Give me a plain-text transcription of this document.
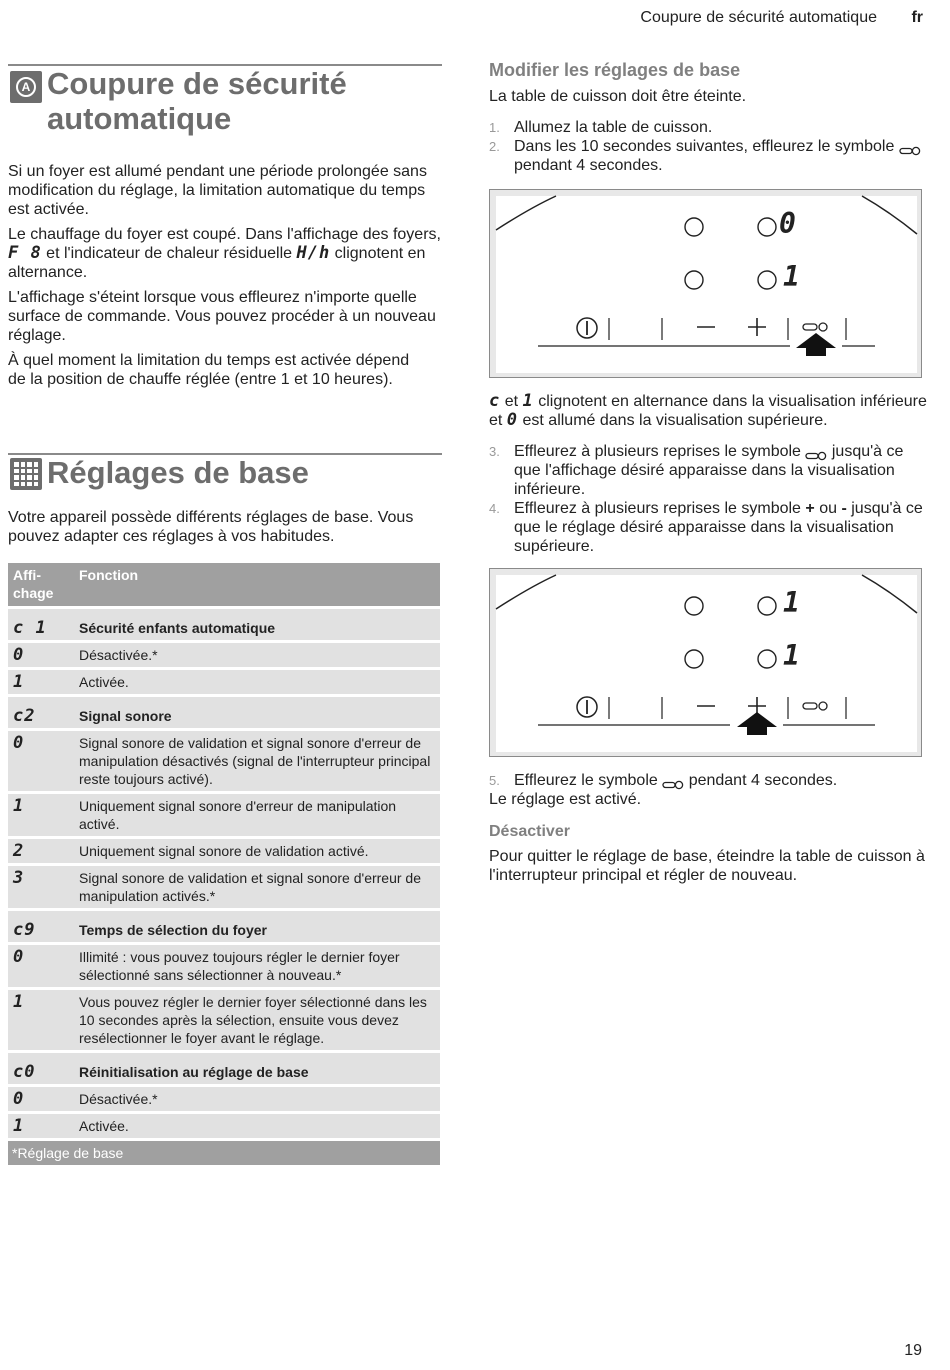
Coupure de sécurité automatique fr
A Coupure de sécurité automatique

Si un foyer est allumé pendant une période prolongée sans modification du réglage, la limitation automatique du temps est activée.

Le chauffage du foyer est coupé. Dans l'affichage des foyers, F 8 et l'indicateur de chaleur résiduelle H/h clignotent en alternance.

L'affichage s'éteint lorsque vous effleurez n'importe quelle surface de commande. Vous pouvez procéder à un nouveau réglage.

À quel moment la limitation du temps est activée dépend de la position de chauffe réglée (entre 1 et 10 heures).

Réglages de base

Votre appareil possède différents réglages de base. Vous pouvez adapter ces réglages à vos habitudes.

Affi-
chage	Fonction
c 1	Sécurité enfants automatique
0	Désactivée.*
1	Activée.
c2	Signal sonore
0	Signal sonore de validation et signal sonore d'erreur de manipulation désactivés (signal de l'interrupteur principal reste toujours activé).
1	Uniquement signal sonore d'erreur de manipulation activé.
2	Uniquement signal sonore de validation activé.
3	Signal sonore de validation et signal sonore d'erreur de manipulation activés.*
c9	Temps de sélection du foyer
0	Illimité : vous pouvez toujours régler le dernier foyer sélectionné sans sélectionner à nouveau.*
1	Vous pouvez régler le dernier foyer sélectionné dans les 10 secondes après la sélection, ensuite vous devez resélectionner le foyer avant le réglage.
c0	Réinitialisation au réglage de base
0	Désactivée.*
1	Activée.
*Réglage de base	
Modifier les réglages de base

La table de cuisson doit être éteinte.

1. Allumez la table de cuisson.
2. Dans les 10 secondes suivantes, effleurez le symbole  pendant 4 secondes.
0
1

c et 1 clignotent en alternance dans la visualisation inférieure et 0 est allumé dans la visualisation supérieure.

3. Effleurez à plusieurs reprises le symbole jusqu'à ce que l'affichage désiré apparaisse dans la visualisation inférieure.
4. Effleurez à plusieurs reprises le symbole + ou - jusqu'à ce que le réglage désiré apparaisse dans la visualisation supérieure.
1
1
5. Effleurez le symbole pendant 4 secondes.

Le réglage est activé.

Désactiver

Pour quitter le réglage de base, éteindre la table de cuisson à l'interrupteur principal et régler de nouveau.

19
